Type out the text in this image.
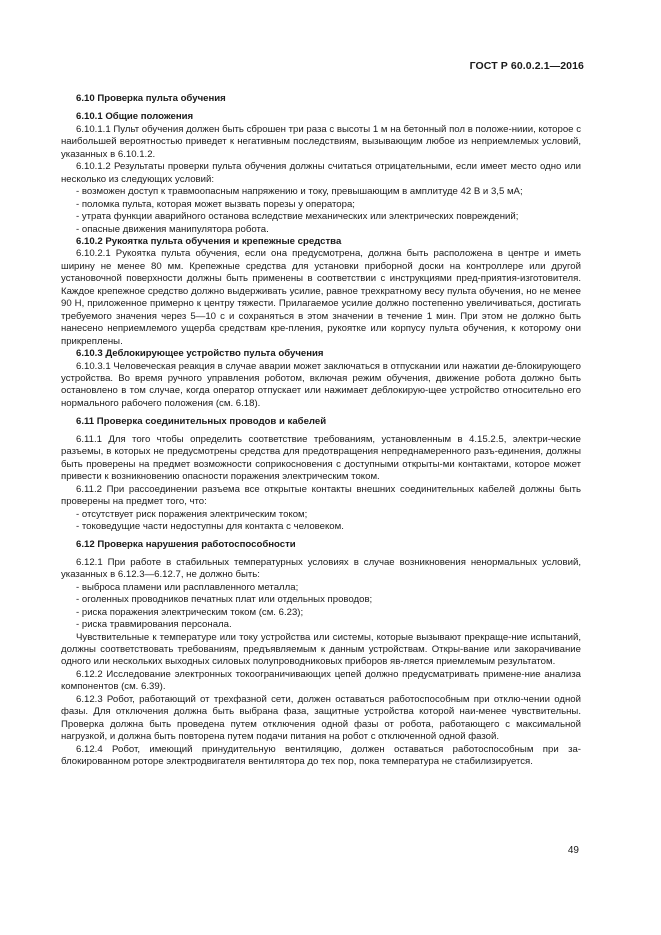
ГОСТ Р 60.0.2.1—2016
6.10 Проверка пульта обучения
6.10.1 Общие положения

6.10.1.1 Пульт обучения должен быть сброшен три раза с высоты 1 м на бетонный пол в положе-ниии, которое с наибольшей вероятностью приведет к негативным последствиям, вызывающим любое из неприемлемых условий, указанных в 6.10.1.2.

6.10.1.2 Результаты проверки пульта обучения должны считаться отрицательными, если имеет место одно или несколько из следующих условий:

- возможен доступ к травмоопасным напряжению и току, превышающим в амплитуде 42 В и 3,5 мА;
- поломка пульта, которая может вызвать порезы у оператора;
- утрата функции аварийного останова вследствие механических или электрических повреждений;
- опасные движения манипулятора робота.
6.10.2 Рукоятка пульта обучения и крепежные средства

6.10.2.1 Рукоятка пульта обучения, если она предусмотрена, должна быть расположена в центре и иметь ширину не менее 80 мм. Крепежные средства для установки приборной доски на контроллере или другой установочной поверхности должны быть применены в соответствии с инструкциями пред-приятия-изготовителя. Каждое крепежное средство должно выдерживать усилие, равное трехкратному весу пульта обучения, но не менее 90 Н, приложенное примерно к центру тяжести. Прилагаемое усилие должно постепенно увеличиваться, достигать требуемого значения через 5—10 с и сохраняться в этом значении в течение 1 мин. При этом не должно быть нанесено неприемлемого ущерба средствам кре-пления, рукоятке или корпусу пульта обучения, к которому они прикреплены.

6.10.3 Деблокирующее устройство пульта обучения

6.10.3.1 Человеческая реакция в случае аварии может заключаться в отпускании или нажатии де-блокирующего устройства. Во время ручного управления роботом, включая режим обучения, движение робота должно быть остановлено в том случае, когда оператор отпускает или нажимает деблокирую-щее устройство относительно его нормального рабочего положения (см. 6.18).

6.11 Проверка соединительных проводов и кабелей

6.11.1 Для того чтобы определить соответствие требованиям, установленным в 4.15.2.5, электри-ческие разъемы, в которых не предусмотрены средства для предотвращения непреднамеренного разъ-единения, должны быть проверены на предмет возможности соприкосновения с доступными открыты-ми контактами, которое может привести к возникновению опасности поражения электрическим током.

6.11.2 При рассоединении разъема все открытые контакты внешних соединительных кабелей должны быть проверены на предмет того, что:

- отсутствует риск поражения электрическим током;
- токоведущие части недоступны для контакта с человеком.
6.12 Проверка нарушения работоспособности

6.12.1 При работе в стабильных температурных условиях в случае возникновения ненормальных условий, указанных в 6.12.3—6.12.7, не должно быть:

- выброса пламени или расплавленного металла;
- оголенных проводников печатных плат или отдельных проводов;
- риска поражения электрическим током (см. 6.23);
- риска травмирования персонала.

Чувствительные к температуре или току устройства или системы, которые вызывают прекраще-ние испытаний, должны соответствовать требованиям, предъявляемым к данным устройствам. Откры-вание или закорачивание одного или нескольких выходных силовых полупроводниковых приборов яв-ляется приемлемым результатом.

6.12.2 Исследование электронных токоограничивающих цепей должно предусматривать примене-ние анализа компонентов (см. 6.39).

6.12.3 Робот, работающий от трехфазной сети, должен оставаться работоспособным при отклю-чении одной фазы. Для отключения должна быть выбрана фаза, защитные устройства которой наи-менее чувствительны. Проверка должна быть проведена путем отключения одной фазы от робота, работающего с максимальной нагрузкой, и должна быть повторена путем подачи питания на робот с отключенной одной фазой.

6.12.4 Робот, имеющий принудительную вентиляцию, должен оставаться работоспособным при за-блокированном роторе электродвигателя вентилятора до тех пор, пока температура не стабилизируется.

49
